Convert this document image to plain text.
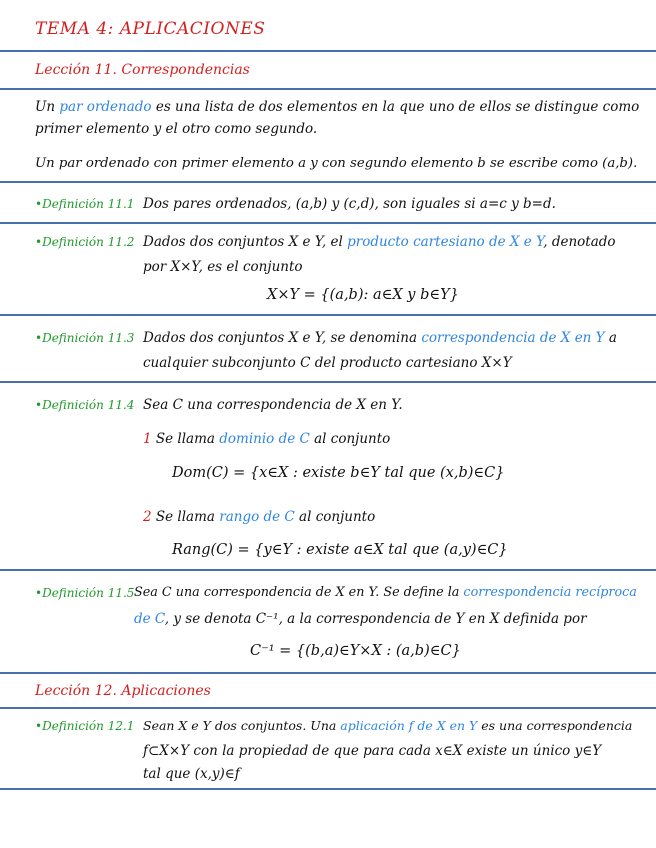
TEMA 4: APLICACIONES
Lección 11. Correspondencias
Un par ordenado es una lista de dos elementos en la que uno de ellos se distingue como
primer elemento y el otro como segundo.
Un par ordenado con primer elemento a y con segundo elemento b se escribe como (a,b).
•Definición 11.1 Dos pares ordenados, (a,b) y (c,d), son iguales si a=c y b=d.
•Definición 11.2 Dados dos conjuntos X e Y, el producto cartesiano de X e Y, denotado
por X×Y, es el conjunto
X×Y = {(a,b): a∈X y b∈Y}
•Definición 11.3 Dados dos conjuntos X e Y, se denomina correspondencia de X en Y a
cualquier subconjunto C del producto cartesiano X×Y
•Definición 11.4 Sea C una correspondencia de X en Y.
1 Se llama dominio de C al conjunto
Dom(C) = {x∈X : existe b∈Y tal que (x,b)∈C}
2 Se llama rango de C al conjunto
Rang(C) = {y∈Y : existe a∈X tal que (a,y)∈C}
•Definición 11.5 Sea C una correspondencia de X en Y. Se define la correspondencia recíproca
de C, y se denota C⁻¹, a la correspondencia de Y en X definida por
C⁻¹ = {(b,a)∈Y×X : (a,b)∈C}
Lección 12. Aplicaciones
•Definición 12.1 Sean X e Y dos conjuntos. Una aplicación f de X en Y es una correspondencia
f⊂X×Y con la propiedad de que para cada x∈X existe un único y∈Y
tal que (x,y)∈f
